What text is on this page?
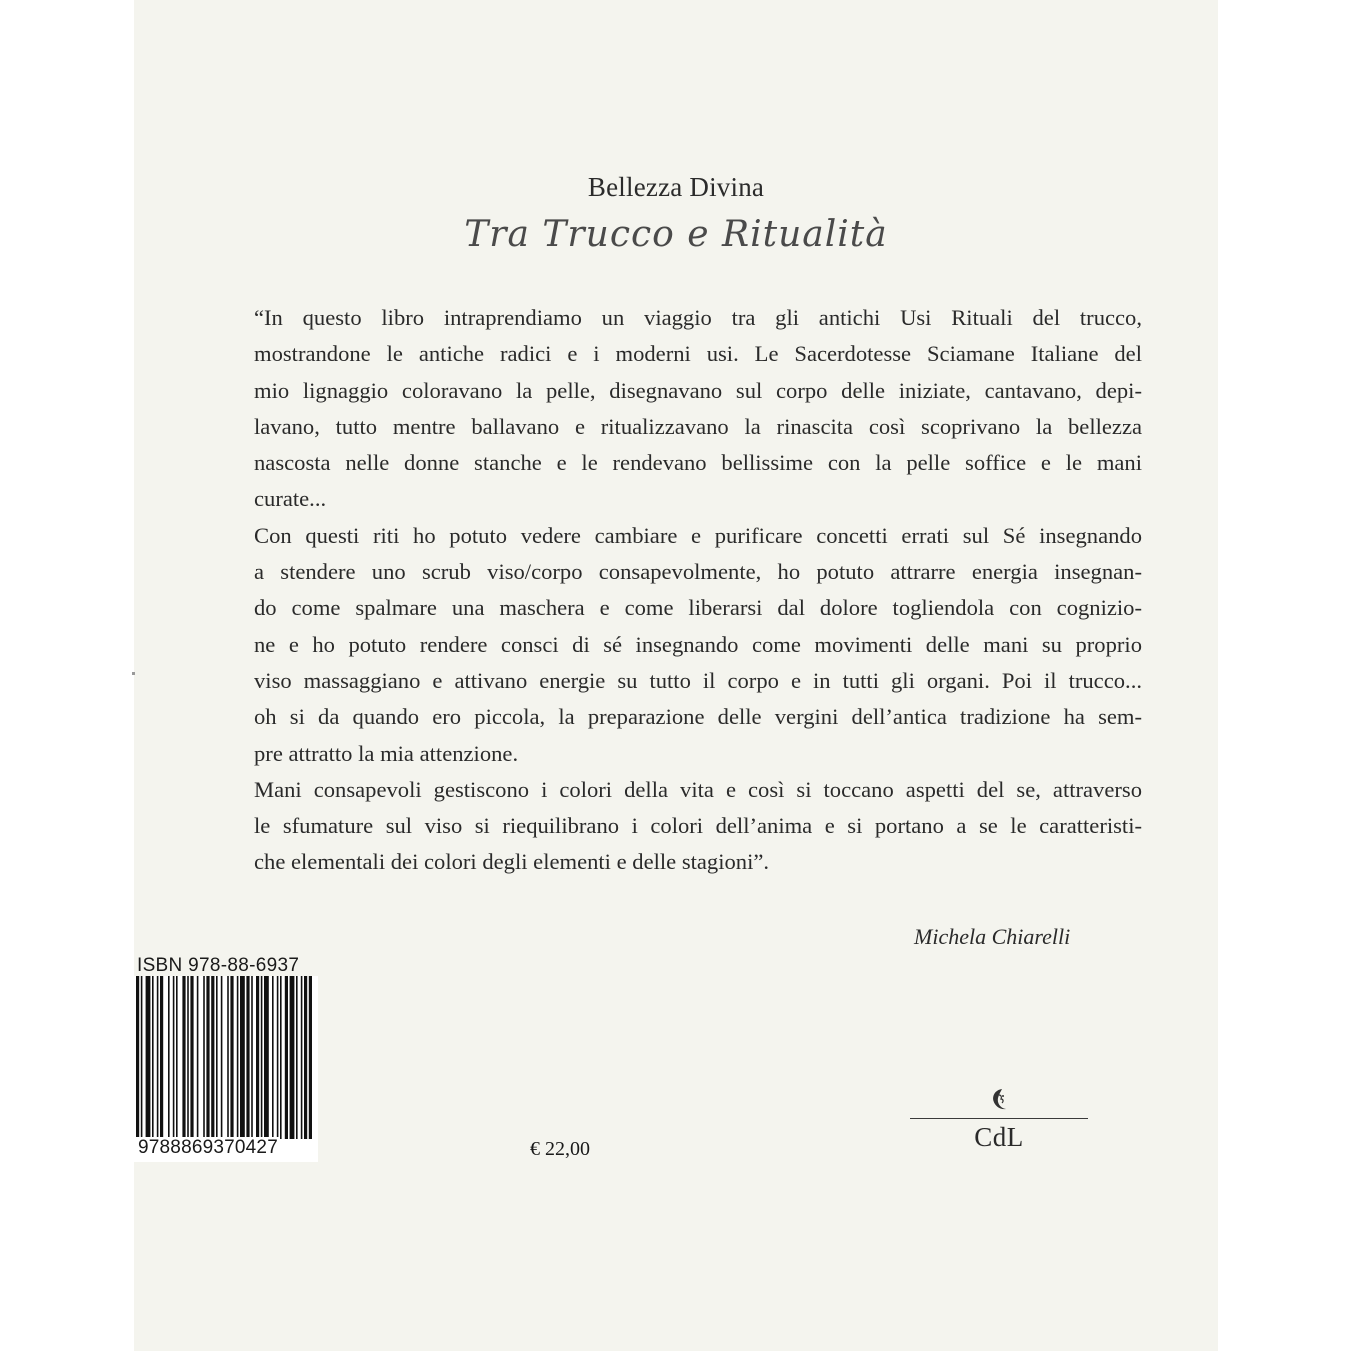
Bellezza Divina
Tra Trucco e Ritualità

“In questo libro intraprendiamo un viaggio tra gli antichi Usi Rituali del trucco,
mostrandone le antiche radici e i moderni usi. Le Sacerdotesse Sciamane Italiane del
mio lignaggio coloravano la pelle, disegnavano sul corpo delle iniziate, cantavano, depi-
lavano, tutto mentre ballavano e ritualizzavano la rinascita così scoprivano la bellezza
nascosta nelle donne stanche e le rendevano bellissime con la pelle soffice e le mani
curate...

Con questi riti ho potuto vedere cambiare e purificare concetti errati sul Sé insegnando
a stendere uno scrub viso/corpo consapevolmente, ho potuto attrarre energia insegnan-
do come spalmare una maschera e come liberarsi dal dolore togliendola con cognizio-
ne e ho potuto rendere consci di sé insegnando come movimenti delle mani su proprio
viso massaggiano e attivano energie su tutto il corpo e in tutti gli organi. Poi il trucco...
oh si da quando ero piccola, la preparazione delle vergini dell’antica tradizione ha sem-
pre attratto la mia attenzione.

Mani consapevoli gestiscono i colori della vita e così si toccano aspetti del se, attraverso
le sfumature sul viso si riequilibrano i colori dell’anima e si portano a se le caratteristi-
che elementali dei colori degli elementi e delle stagioni”.

Michela Chiarelli
€ 22,00	CdL
ISBN 978-88-6937
9788869370427
